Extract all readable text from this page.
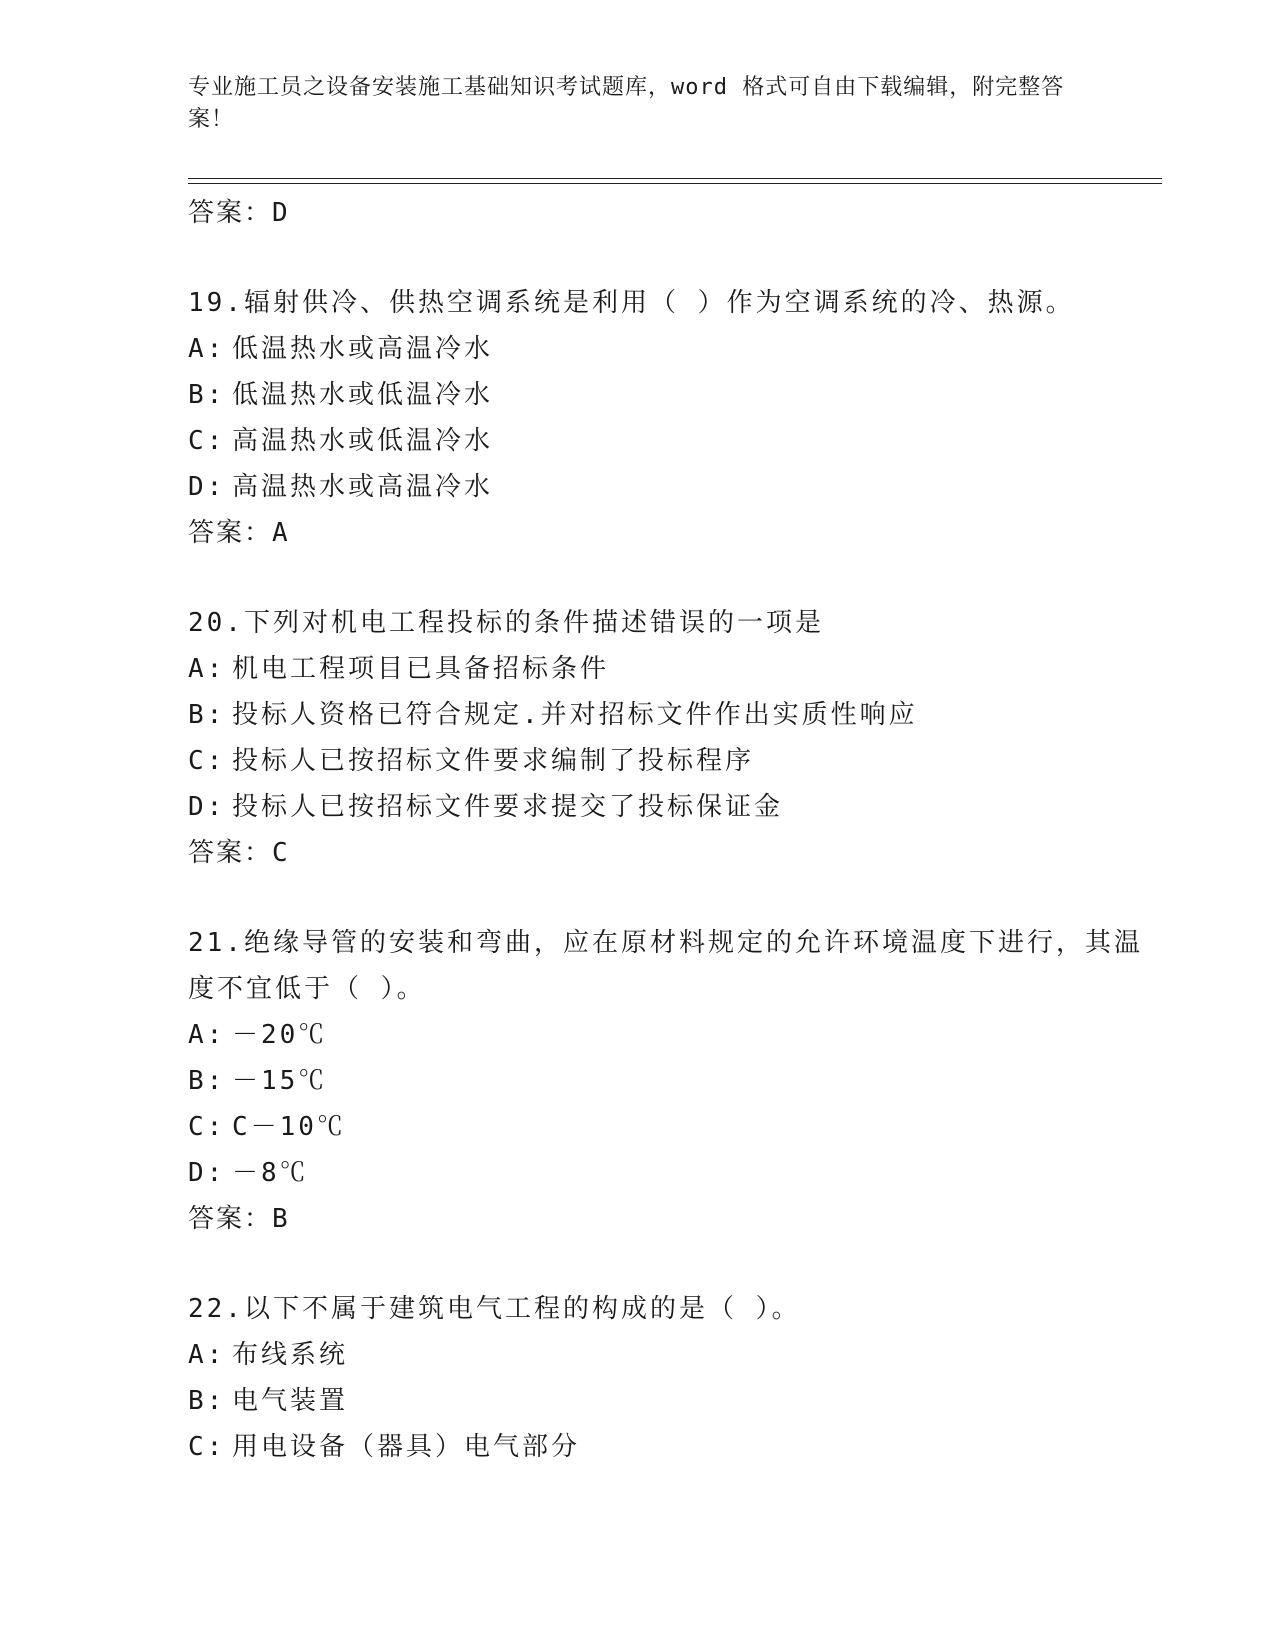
专业施工员之设备安装施工基础知识考试题库，word 格式可自由下载编辑，附完整答案！
答案：D
19.辐射供冷、供热空调系统是利用（ ）作为空调系统的冷、热源。
A: 低温热水或高温冷水
B: 低温热水或低温冷水
C: 高温热水或低温冷水
D: 高温热水或高温冷水
答案：A
20.下列对机电工程投标的条件描述错误的一项是
A: 机电工程项目已具备招标条件
B: 投标人资格已符合规定.并对招标文件作出实质性响应
C: 投标人已按招标文件要求编制了投标程序
D: 投标人已按招标文件要求提交了投标保证金
答案：C
21.绝缘导管的安装和弯曲，应在原材料规定的允许环境温度下进行，其温度不宜低于（ ）。
A: －20℃
B: －15℃
C: C－10℃
D: －8℃
答案：B
22.以下不属于建筑电气工程的构成的是（ ）。
A: 布线系统
B: 电气装置
C: 用电设备（器具）电气部分
